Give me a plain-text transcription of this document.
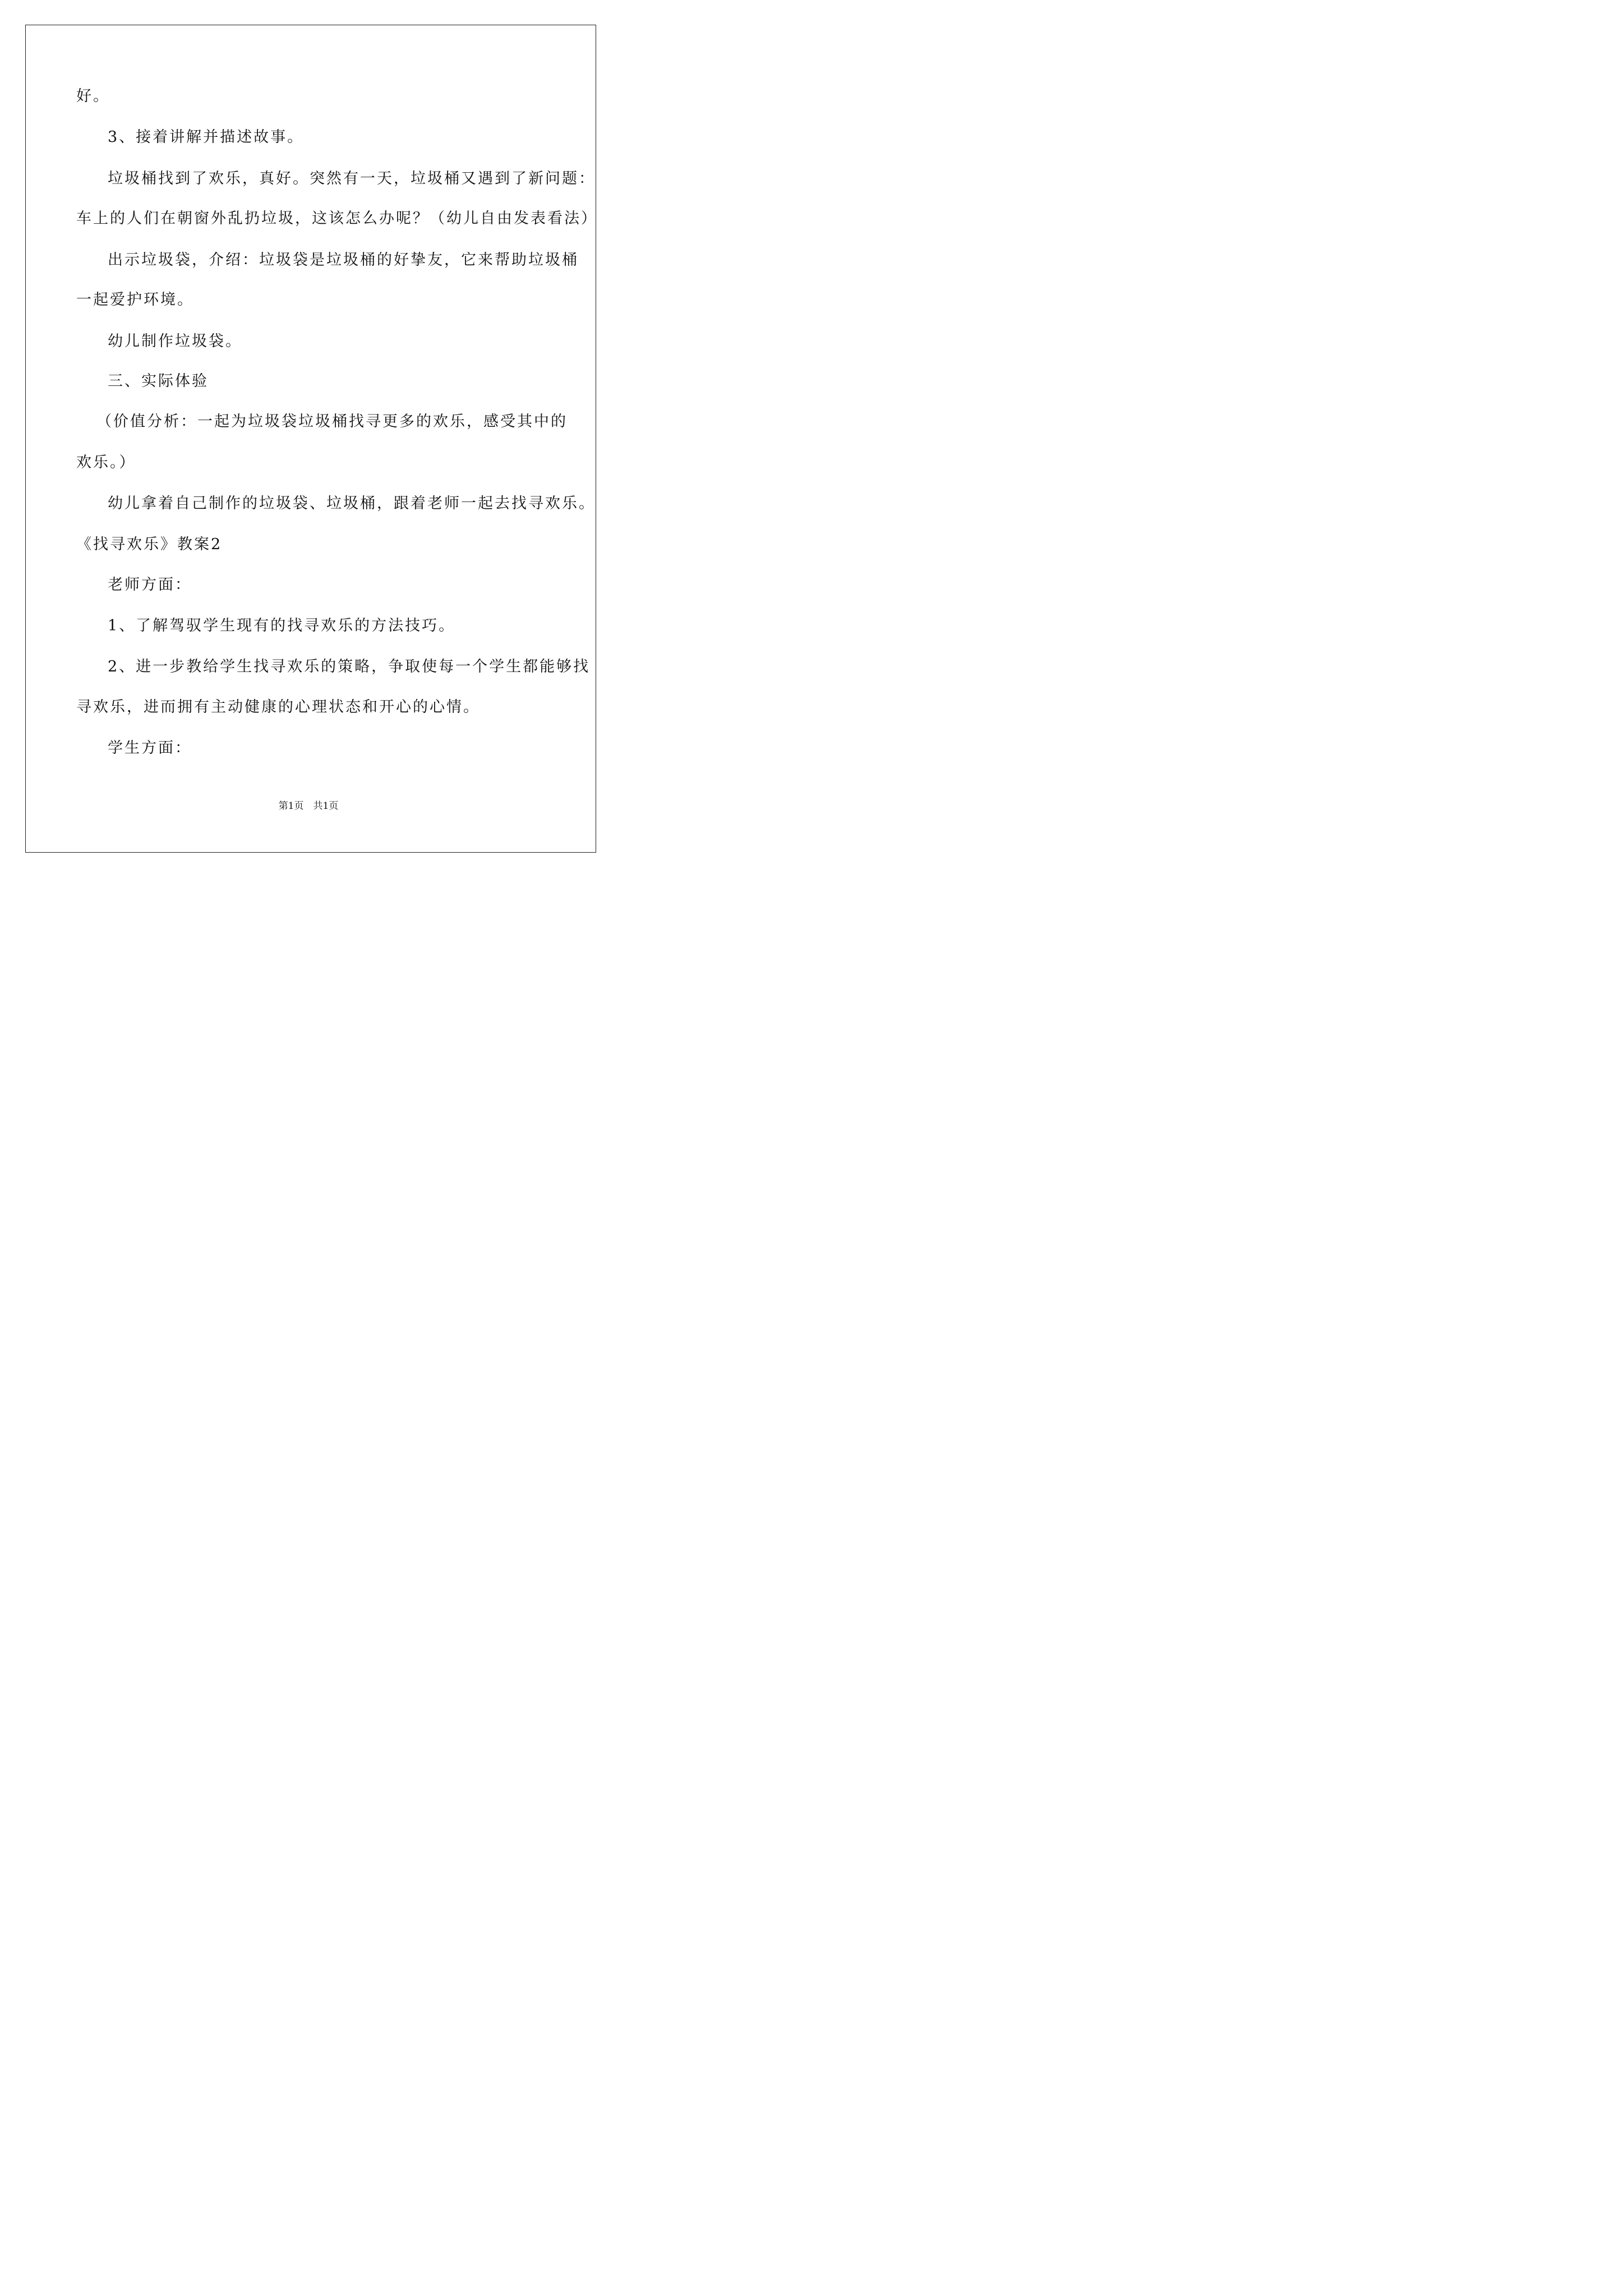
好。

3、接着讲解并描述故事。

垃圾桶找到了欢乐，真好。突然有一天，垃圾桶又遇到了新问题：

车上的人们在朝窗外乱扔垃圾，这该怎么办呢？（幼儿自由发表看法）

出示垃圾袋，介绍：垃圾袋是垃圾桶的好挚友，它来帮助垃圾桶

一起爱护环境。

幼儿制作垃圾袋。

三、实际体验

（价值分析：一起为垃圾袋垃圾桶找寻更多的欢乐，感受其中的

欢乐。）

幼儿拿着自己制作的垃圾袋、垃圾桶，跟着老师一起去找寻欢乐。

《找寻欢乐》教案2

老师方面：

1、了解驾驭学生现有的找寻欢乐的方法技巧。

2、进一步教给学生找寻欢乐的策略，争取使每一个学生都能够找

寻欢乐，进而拥有主动健康的心理状态和开心的心情。

学生方面：

第1页　共1页
